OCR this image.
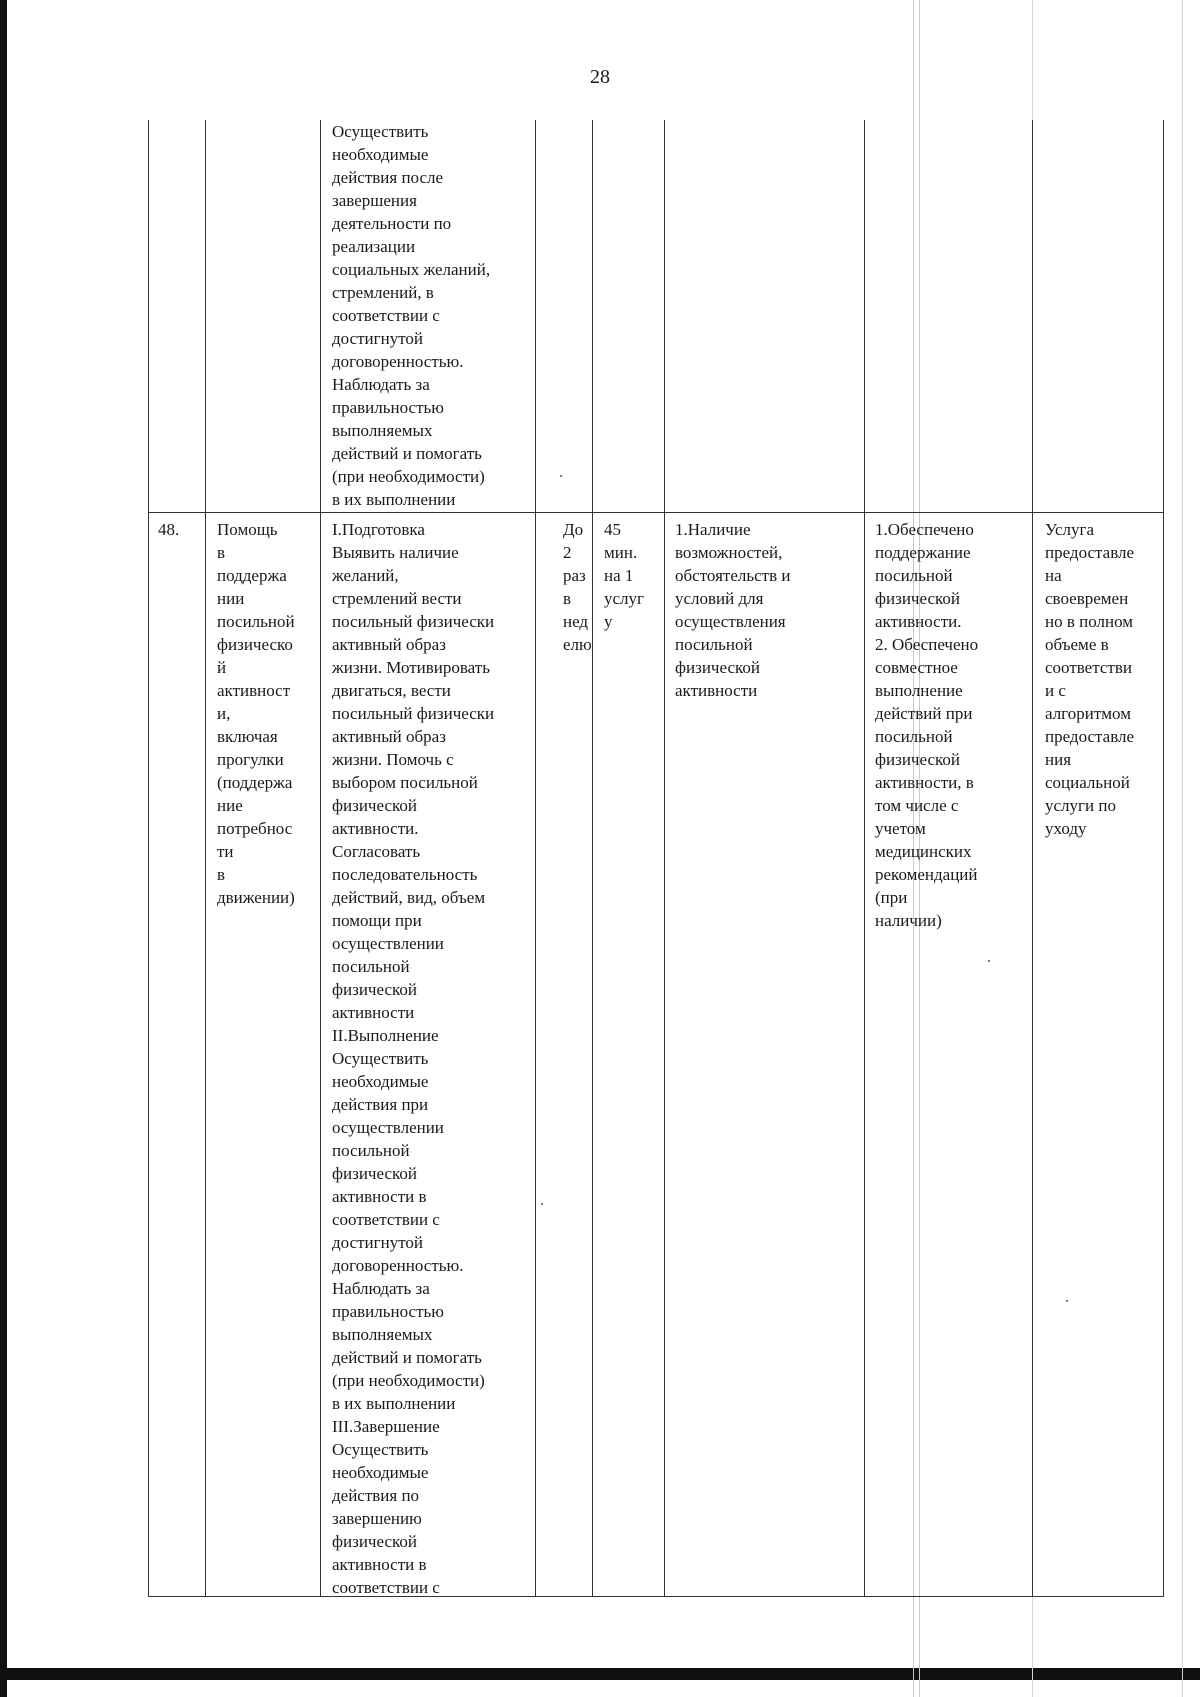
28
Осуществить
необходимые
действия после
завершения
деятельности по
реализации
социальных желаний,
стремлений, в
соответствии с
достигнутой
договоренностью.
Наблюдать за
правильностью
выполняемых
действий и помогать
(при необходимости)
в их выполнении
48.	Помощь
в
поддержа
нии
посильной
физическо
й
активност
и,
включая
прогулки
(поддержа
ние
потребнос
ти
в
движении)
I.Подготовка
Выявить наличие
желаний,
стремлений вести
посильный физически
активный образ
жизни. Мотивировать
двигаться, вести
посильный физически
активный образ
жизни. Помочь с
выбором посильной
физической
активности.
Согласовать
последовательность
действий, вид, объем
помощи при
осуществлении
посильной
физической
активности
II.Выполнение
Осуществить
необходимые
действия при
осуществлении
посильной
физической
активности в
соответствии с
достигнутой
договоренностью.
Наблюдать за
правильностью
выполняемых
действий и помогать
(при необходимости)
в их выполнении
III.Завершение
Осуществить
необходимые
действия по
завершению
физической
активности в
соответствии с
До
2
раз
в
нед
елю
45
мин.
на 1
услуг
у
1.Наличие
возможностей,
обстоятельств и
условий для
осуществления
посильной
физической
активности
1.Обеспечено
поддержание
посильной
физической
активности.
2. Обеспечено
совместное
выполнение
действий при
посильной
физической
активности, в
том числе с
учетом
медицинских
рекомендаций
(при
наличии)
Услуга
предоставле
на
своевремен
но в полном
объеме в
соответстви
и с
алгоритмом
предоставле
ния
социальной
услуги по
уходу
